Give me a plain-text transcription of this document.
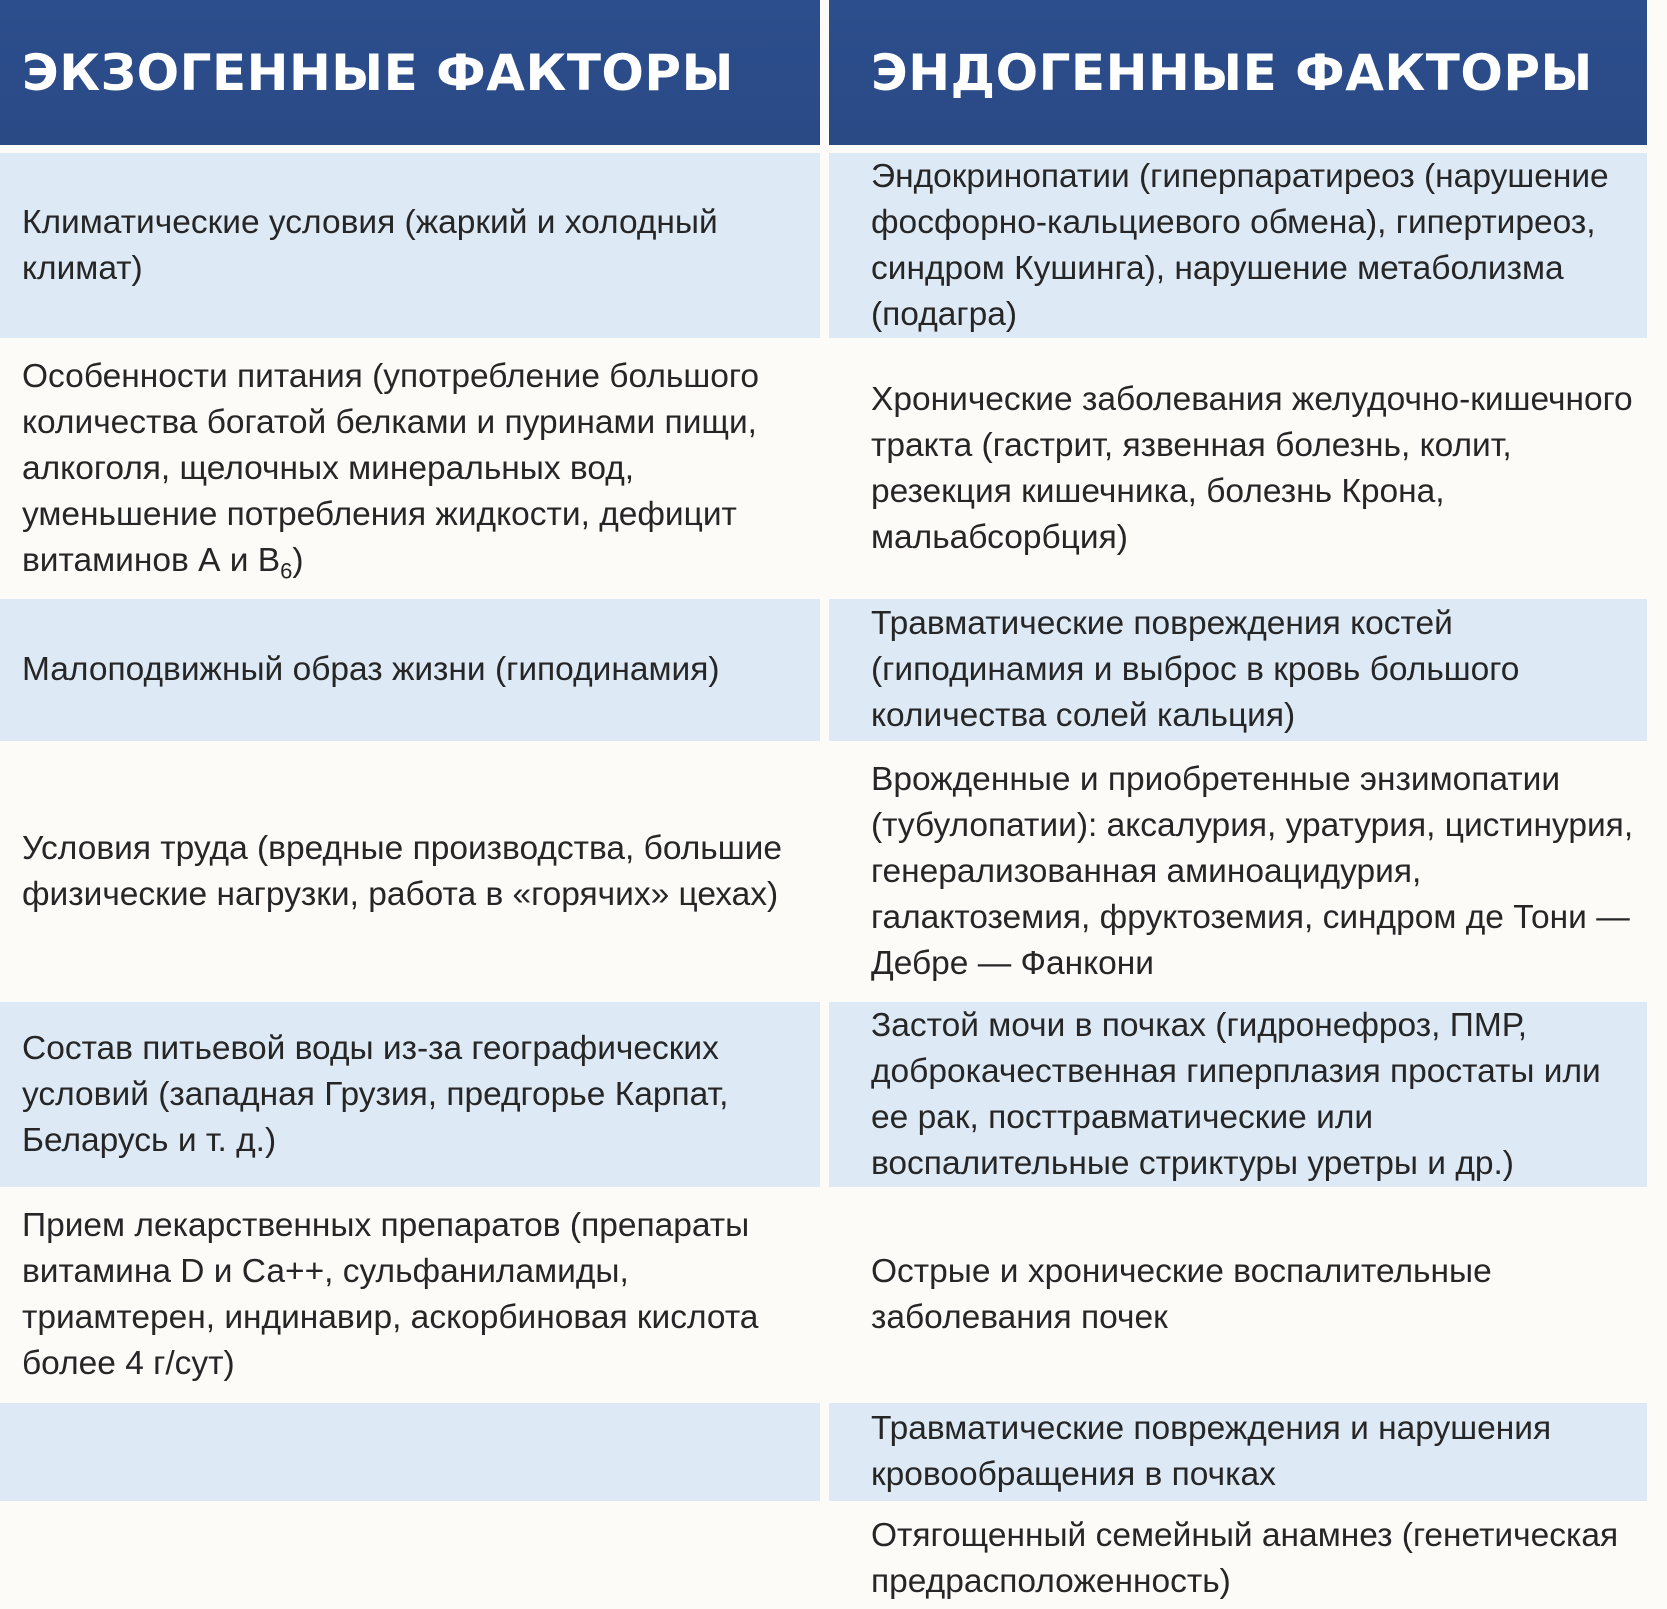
ЭКЗОГЕННЫЕ ФАКТОРЫ	ЭНДОГЕННЫЕ ФАКТОРЫ
Климатические условия (жаркий и холодный климат)
Эндокринопатии (гиперпаратиреоз (нарушение фосфорно-кальциевого обмена), гипертиреоз, синдром Кушинга), нарушение метаболизма (подагра)
Особенности питания (употребление большого количества богатой белками и пуринами пищи, алкоголя, щелочных минеральных вод, уменьшение потребления жидкости, дефицит витаминов А и $В_6$)
Хронические заболевания желудочно-кишечного тракта (гастрит, язвенная болезнь, колит, резекция кишечника, болезнь Крона, мальабсорбция)
Малоподвижный образ жизни (гиподинамия)
Травматические повреждения костей (гиподинамия и выброс в кровь большого количества солей кальция)
Условия труда (вредные производства, большие физические нагрузки, работа в «горячих» цехах)
Врожденные и приобретенные энзимопатии (тубулопатии): аксалурия, уратурия, цистинурия, генерализованная аминоацидурия, галактоземия, фруктоземия, синдром де Тони — Дебре — Фанкони
Состав питьевой воды из-за географических условий (западная Грузия, предгорье Карпат, Беларусь и т. д.)
Застой мочи в почках (гидронефроз, ПМР, доброкачественная гиперплазия простаты или ее рак, посттравматические или воспалительные стриктуры уретры и др.)
Прием лекарственных препаратов (препараты витамина D и Са++, сульфаниламиды, триамтерен, индинавир, аскорбиновая кислота более 4 г/сут)
Острые и хронические воспалительные заболевания почек
Травматические повреждения и нарушения кровообращения в почках
Отягощенный семейный анамнез (генетическая предрасположенность)
